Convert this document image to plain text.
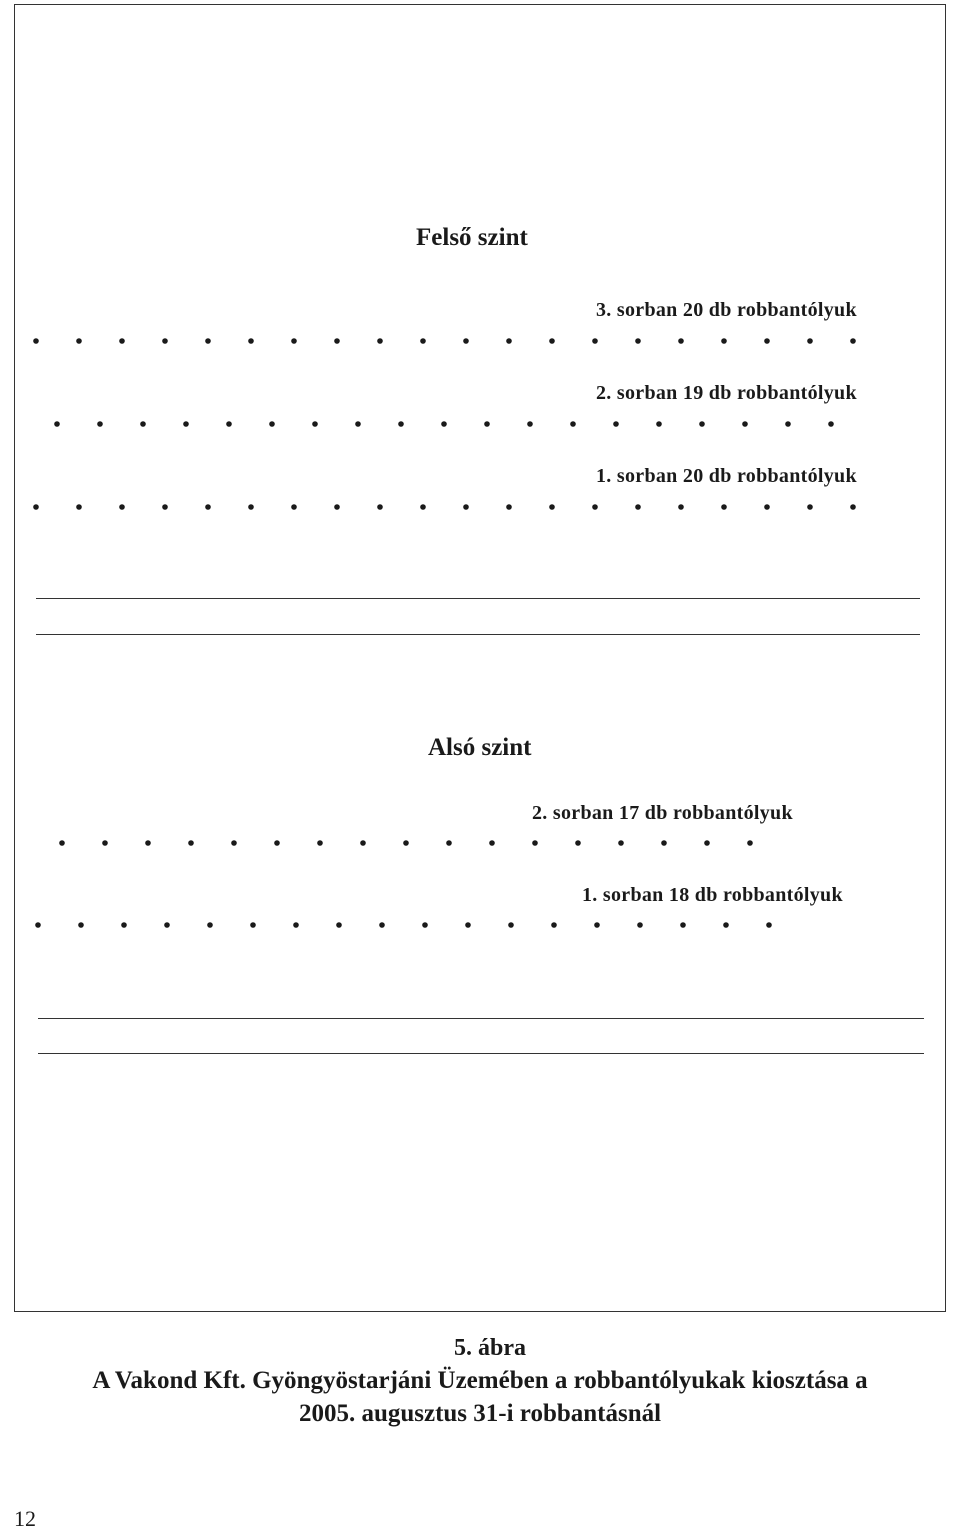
Felső szint
3. sorban 20 db robbantólyuk
2. sorban 19 db robbantólyuk
1. sorban 20 db robbantólyuk
Alsó szint
2. sorban 17 db robbantólyuk
1. sorban 18 db robbantólyuk
5. ábra
A Vakond Kft. Gyöngyöstarjáni Üzemében a robbantólyukak kiosztása a
2005. augusztus 31-i robbantásnál
12
